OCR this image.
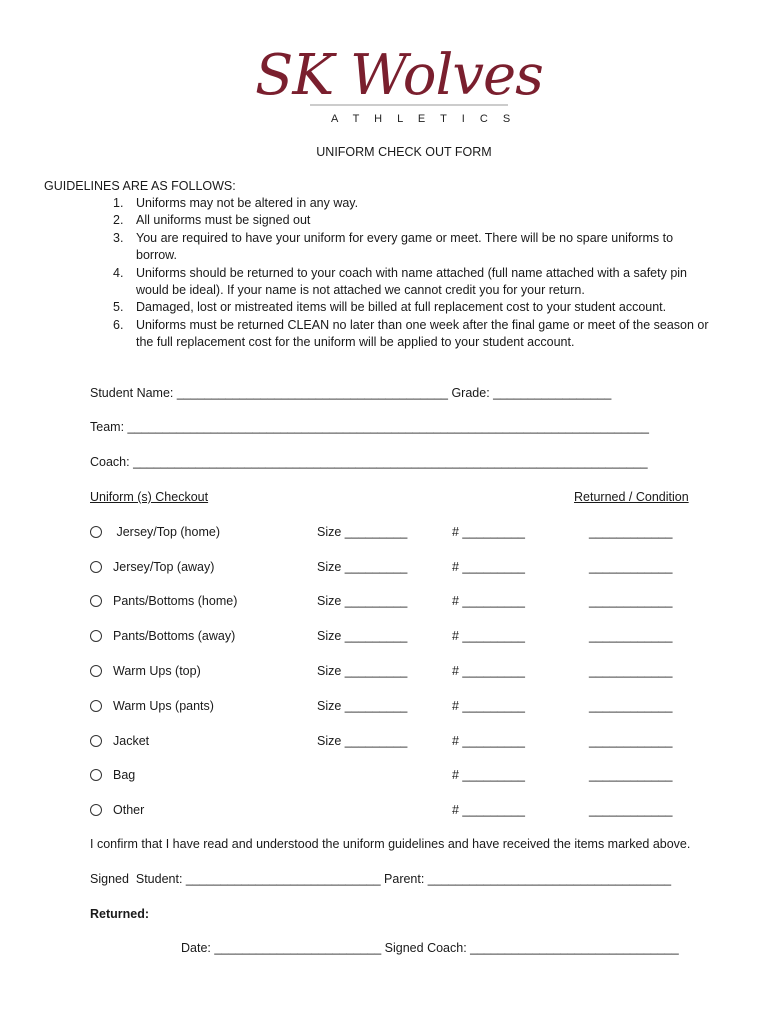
SK Wolves
A T H L E T I C S
UNIFORM CHECK OUT FORM
GUIDELINES ARE AS FOLLOWS:
1. Uniforms may not be altered in any way.
2. All uniforms must be signed out
3. You are required to have your uniform for every game or meet. There will be no spare uniforms to borrow.
4. Uniforms should be returned to your coach with name attached (full name attached with a safety pin would be ideal). If your name is not attached we cannot credit you for your return.
5. Damaged, lost or mistreated items will be billed at full replacement cost to your student account.
6. Uniforms must be returned CLEAN no later than one week after the final game or meet of the season or the full replacement cost for the uniform will be applied to your student account.
Student Name: _______________________________________ Grade: _________________
Team: ___________________________________________________________________________
Coach: __________________________________________________________________________
Uniform (s) Checkout	Returned / Condition
Jersey/Top (home)	Size _________	# _________	____________
Jersey/Top (away)	Size _________	# _________	____________
Pants/Bottoms (home)	Size _________	# _________	____________
Pants/Bottoms (away)	Size _________	# _________	____________
Warm Ups (top)	Size _________	# _________	____________
Warm Ups (pants)	Size _________	# _________	____________
Jacket	Size _________	# _________	____________
Bag	# _________	____________
Other	# _________	____________
I confirm that I have read and understood the uniform guidelines and have received the items marked above.
Signed  Student: ____________________________ Parent: ___________________________________
Returned:
Date: ________________________ Signed Coach: ______________________________
